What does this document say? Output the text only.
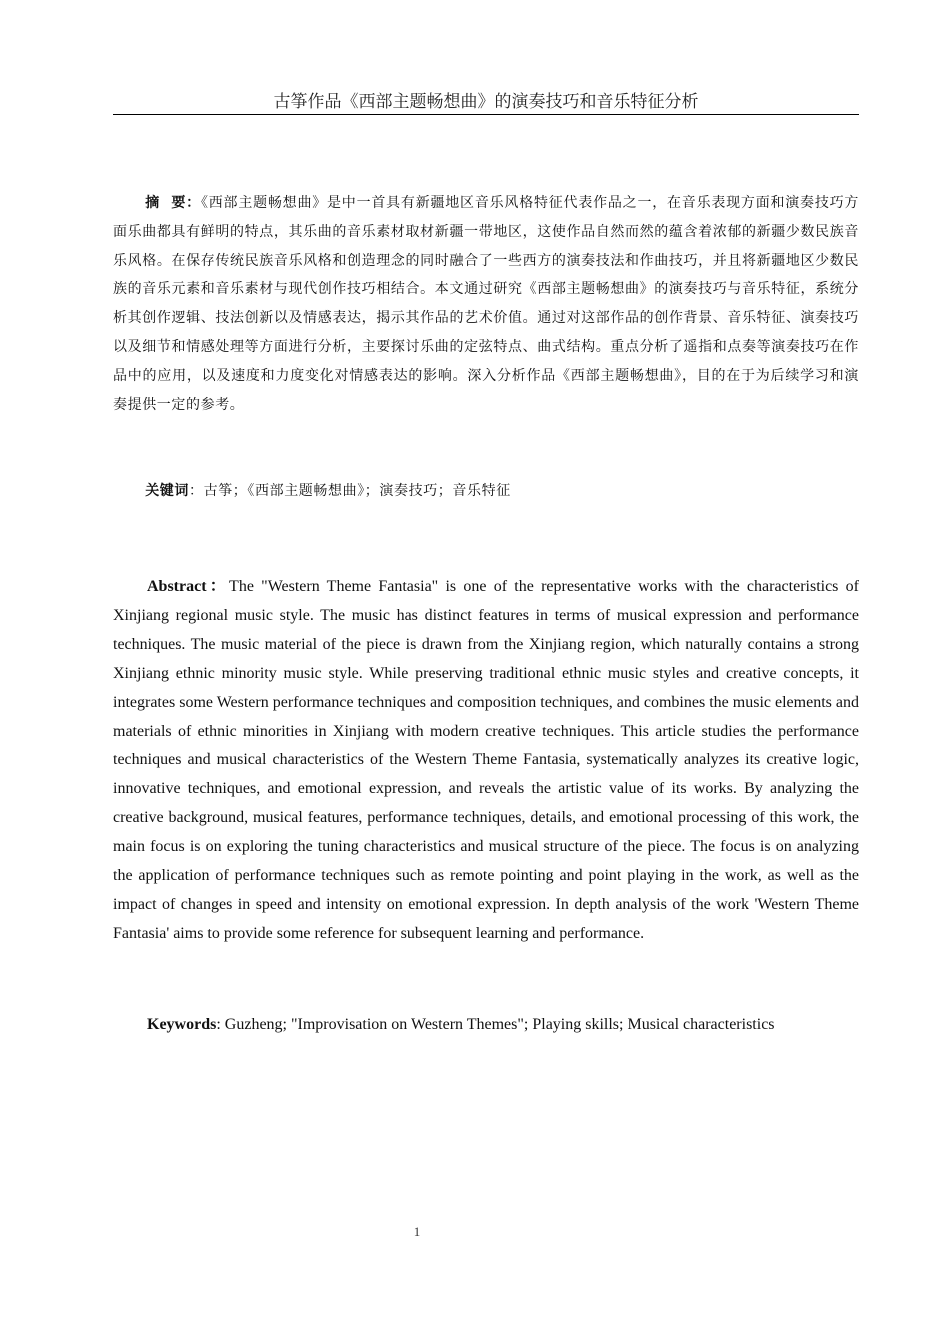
古筝作品《西部主题畅想曲》的演奏技巧和音乐特征分析

摘要：《西部主题畅想曲》是中一首具有新疆地区音乐风格特征代表作品之一，在音乐表现方面和演奏技巧方面乐曲都具有鲜明的特点，其乐曲的音乐素材取材新疆一带地区，这使作品自然而然的蕴含着浓郁的新疆少数民族音乐风格。在保存传统民族音乐风格和创造理念的同时融合了一些西方的演奏技法和作曲技巧，并且将新疆地区少数民族的音乐元素和音乐素材与现代创作技巧相结合。本文通过研究《西部主题畅想曲》的演奏技巧与音乐特征，系统分析其创作逻辑、技法创新以及情感表达，揭示其作品的艺术价值。通过对这部作品的创作背景、音乐特征、演奏技巧以及细节和情感处理等方面进行分析，主要探讨乐曲的定弦特点、曲式结构。重点分析了遥指和点奏等演奏技巧在作品中的应用，以及速度和力度变化对情感表达的影响。深入分析作品《西部主题畅想曲》，目的在于为后续学习和演奏提供一定的参考。

关键词：古筝；《西部主题畅想曲》；演奏技巧；音乐特征

Abstract：The "Western Theme Fantasia" is one of the representative works with the characteristics of Xinjiang regional music style. The music has distinct features in terms of musical expression and performance techniques. The music material of the piece is drawn from the Xinjiang region, which naturally contains a strong Xinjiang ethnic minority music style. While preserving traditional ethnic music styles and creative concepts, it integrates some Western performance techniques and composition techniques, and combines the music elements and materials of ethnic minorities in Xinjiang with modern creative techniques. This article studies the performance techniques and musical characteristics of the Western Theme Fantasia, systematically analyzes its creative logic, innovative techniques, and emotional expression, and reveals the artistic value of its works. By analyzing the creative background, musical features, performance techniques, details, and emotional processing of this work, the main focus is on exploring the tuning characteristics and musical structure of the piece. The focus is on analyzing the application of performance techniques such as remote pointing and point playing in the work, as well as the impact of changes in speed and intensity on emotional expression. In depth analysis of the work 'Western Theme Fantasia' aims to provide some reference for subsequent learning and performance.

Keywords: Guzheng; "Improvisation on Western Themes"; Playing skills; Musical characteristics

1
